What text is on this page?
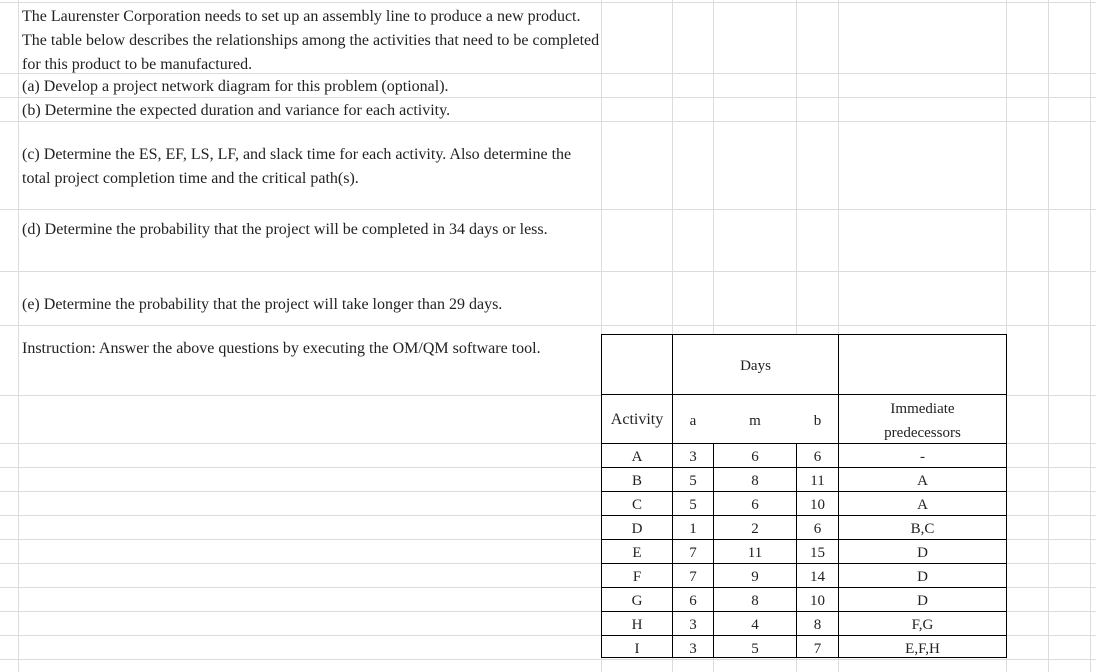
The Laurenster Corporation needs to set up an assembly line to produce a new product. The table below describes the relationships among the activities that need to be completed for this product to be manufactured.
(a) Develop a project network diagram for this problem (optional).
(b) Determine the expected duration and variance for each activity.
(c) Determine the ES, EF, LS, LF, and slack time for each activity. Also determine the total project completion time and the critical path(s).
(d) Determine the probability that the project will be completed in 34 days or less.
(e) Determine the probability that the project will take longer than 29 days.
Instruction: Answer the above questions by executing the OM/QM software tool.
Days
Activity	a	m	b
Immediate
predecessors
A	3	6	6	-
B	5	8	11	A
C	5	6	10	A
D	1	2	6	B,C
E	7	11	15	D
F	7	9	14	D
G	6	8	10	D
H	3	4	8	F,G
I	3	5	7	E,F,H
